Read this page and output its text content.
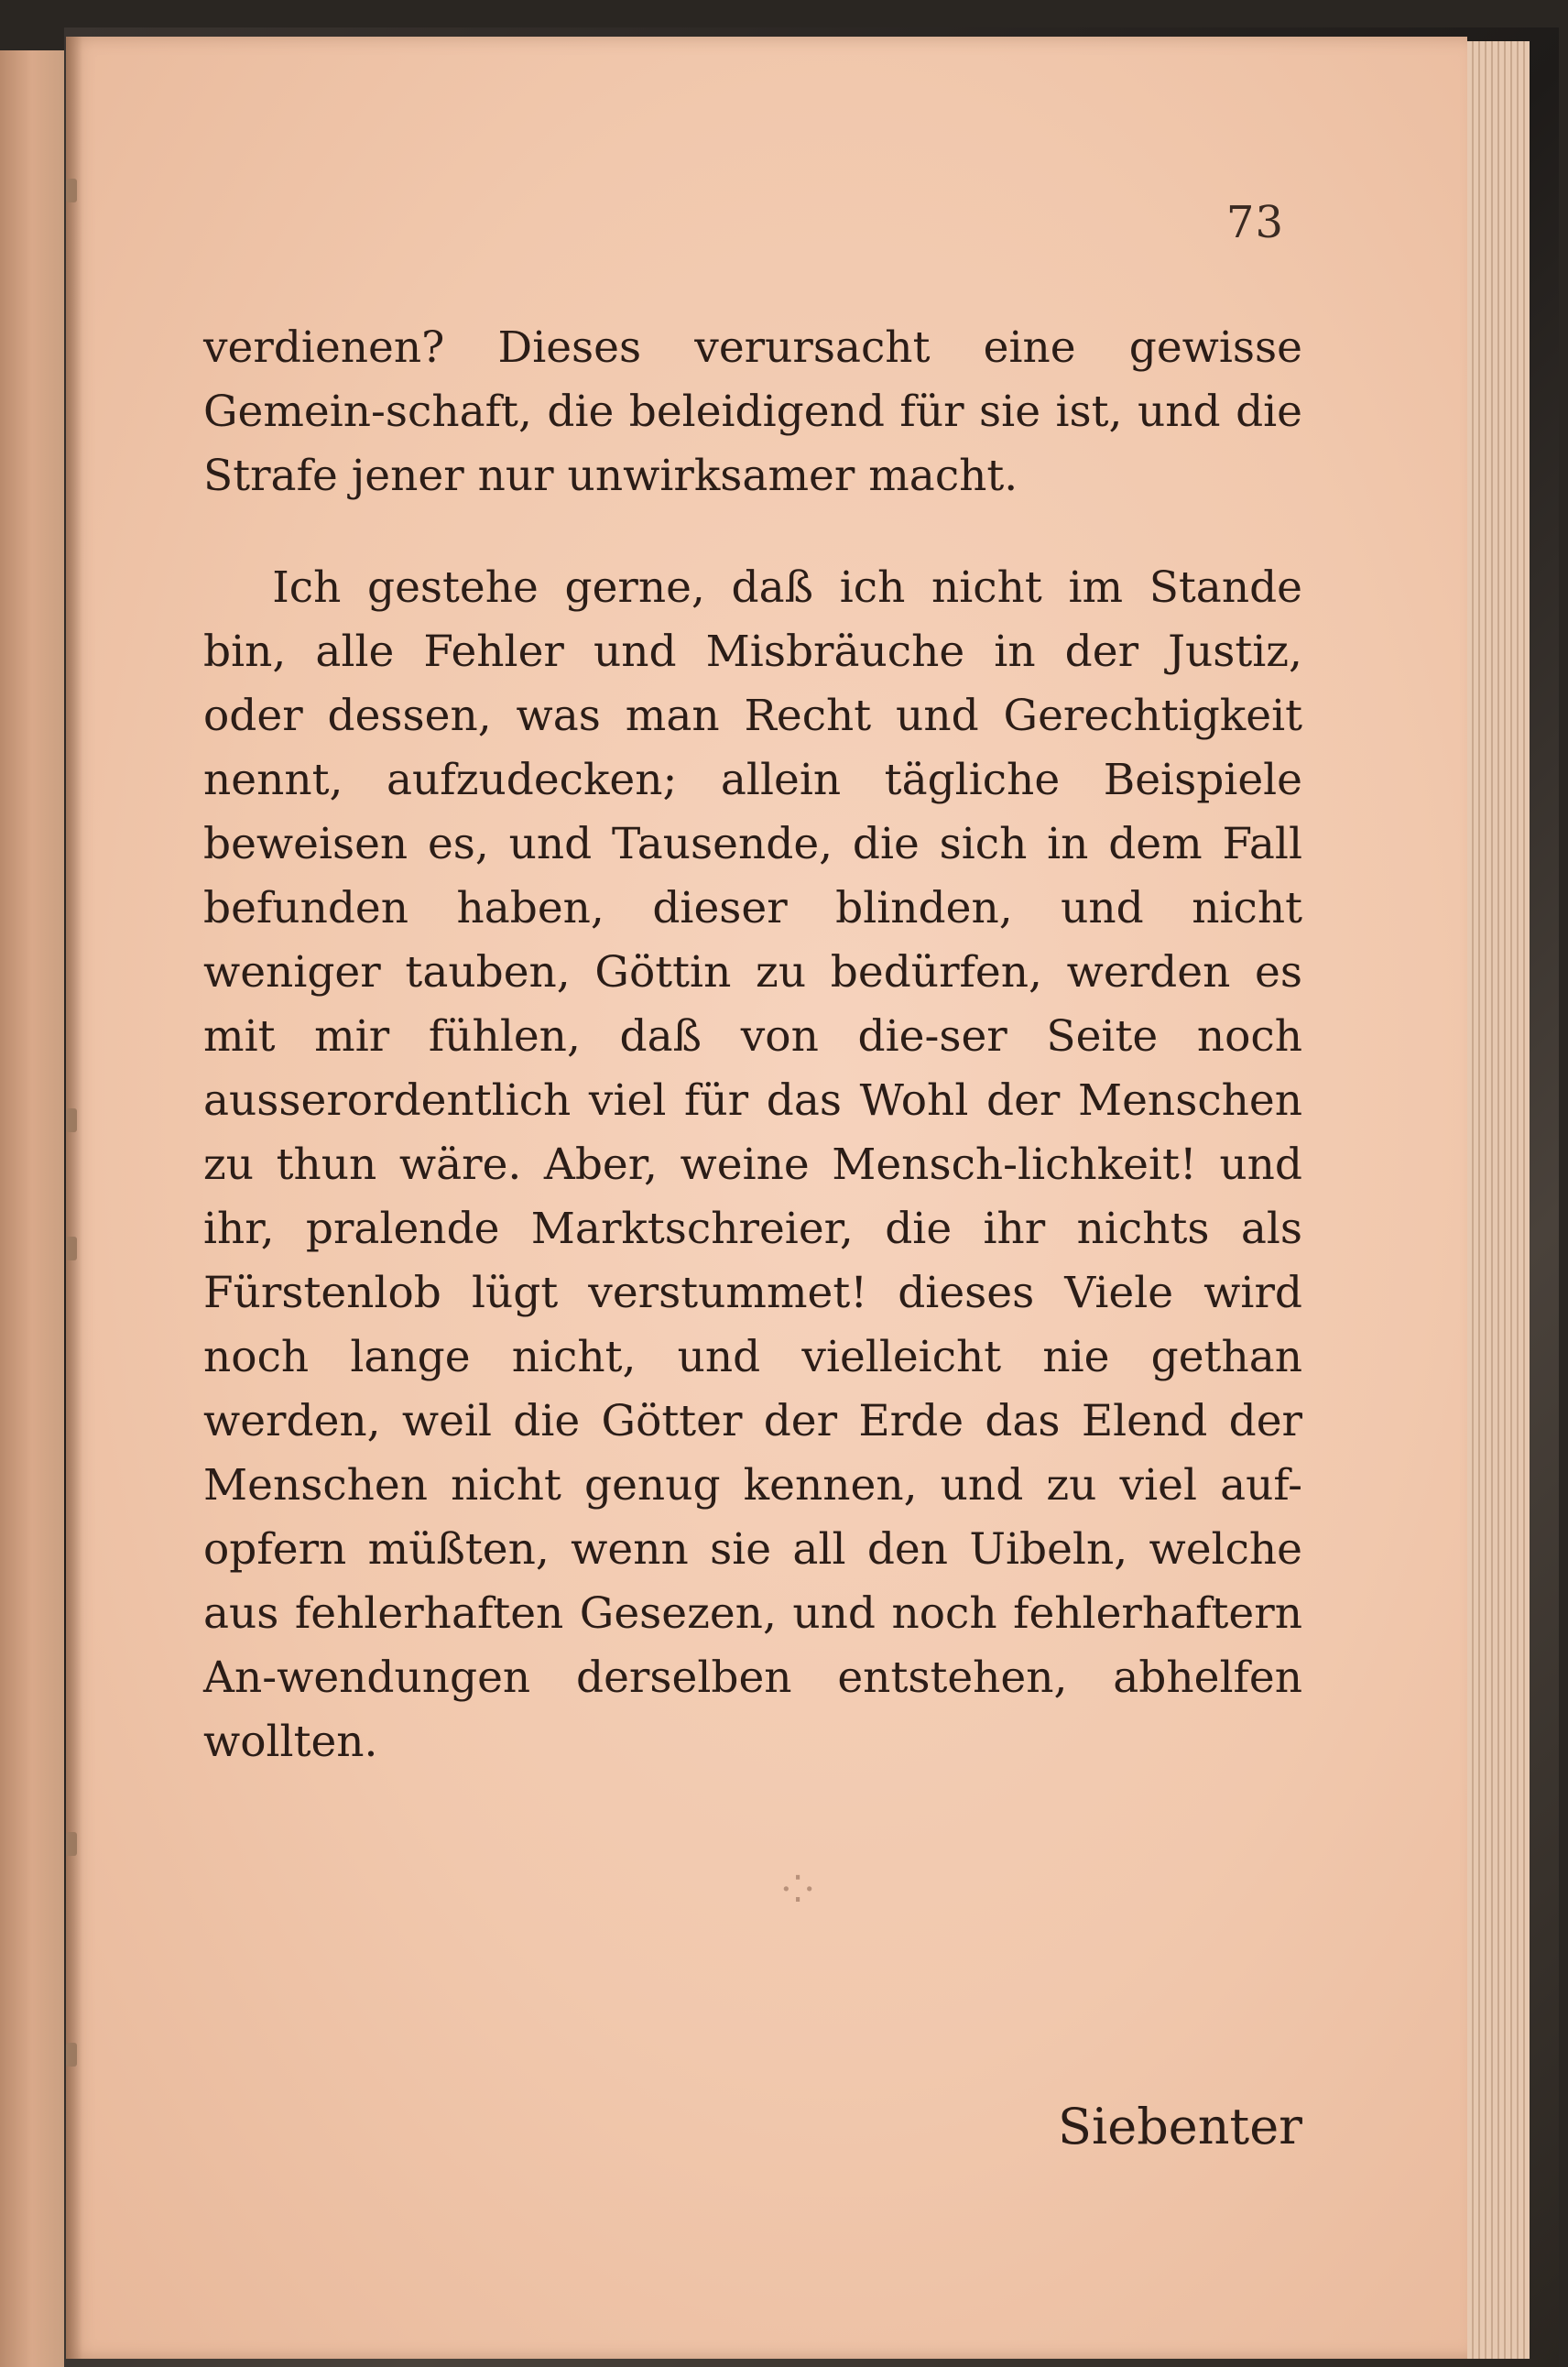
73

verdienen? Dieses verursacht eine gewisse Gemein-schaft, die beleidigend für sie ist, und die Strafe jener nur unwirksamer macht.

Ich gestehe gerne, daß ich nicht im Stande bin, alle Fehler und Misbräuche in der Justiz, oder dessen, was man Recht und Gerechtigkeit nennt, aufzudecken; allein tägliche Beispiele beweisen es, und Tausende, die sich in dem Fall befunden haben, dieser blinden, und nicht weniger tauben, Göttin zu bedürfen, werden es mit mir fühlen, daß von die-ser Seite noch ausserordentlich viel für das Wohl der Menschen zu thun wäre. Aber, weine Mensch-lichkeit! und ihr, pralende Marktschreier, die ihr nichts als Fürstenlob lügt verstummet! dieses Viele wird noch lange nicht, und vielleicht nie gethan werden, weil die Götter der Erde das Elend der Menschen nicht genug kennen, und zu viel auf-opfern müßten, wenn sie all den Uibeln, welche aus fehlerhaften Gesezen, und noch fehlerhaftern An-wendungen derselben entstehen, abhelfen wollten.

·⁚·
Siebenter
